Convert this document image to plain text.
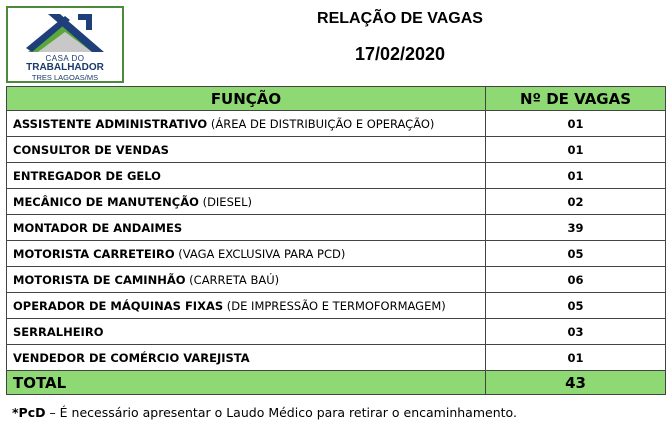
CASA DO
TRABALHADOR
TRES LAGOAS/MS
RELAÇÃO DE VAGAS
17/02/2020
FUNÇÃO	Nº DE VAGAS
ASSISTENTE ADMINISTRATIVO (ÁREA DE DISTRIBUIÇÃO E OPERAÇÃO)	01
CONSULTOR DE VENDAS	01
ENTREGADOR DE GELO	01
MECÂNICO DE MANUTENÇÃO (DIESEL)	02
MONTADOR DE ANDAIMES	39
MOTORISTA CARRETEIRO (VAGA EXCLUSIVA PARA PCD)	05
MOTORISTA DE CAMINHÃO (CARRETA BAÚ)	06
OPERADOR DE MÁQUINAS FIXAS (DE IMPRESSÃO E TERMOFORMAGEM)	05
SERRALHEIRO	03
VENDEDOR DE COMÉRCIO VAREJISTA	01
TOTAL	43
*PcD – É necessário apresentar o Laudo Médico para retirar o encaminhamento.
